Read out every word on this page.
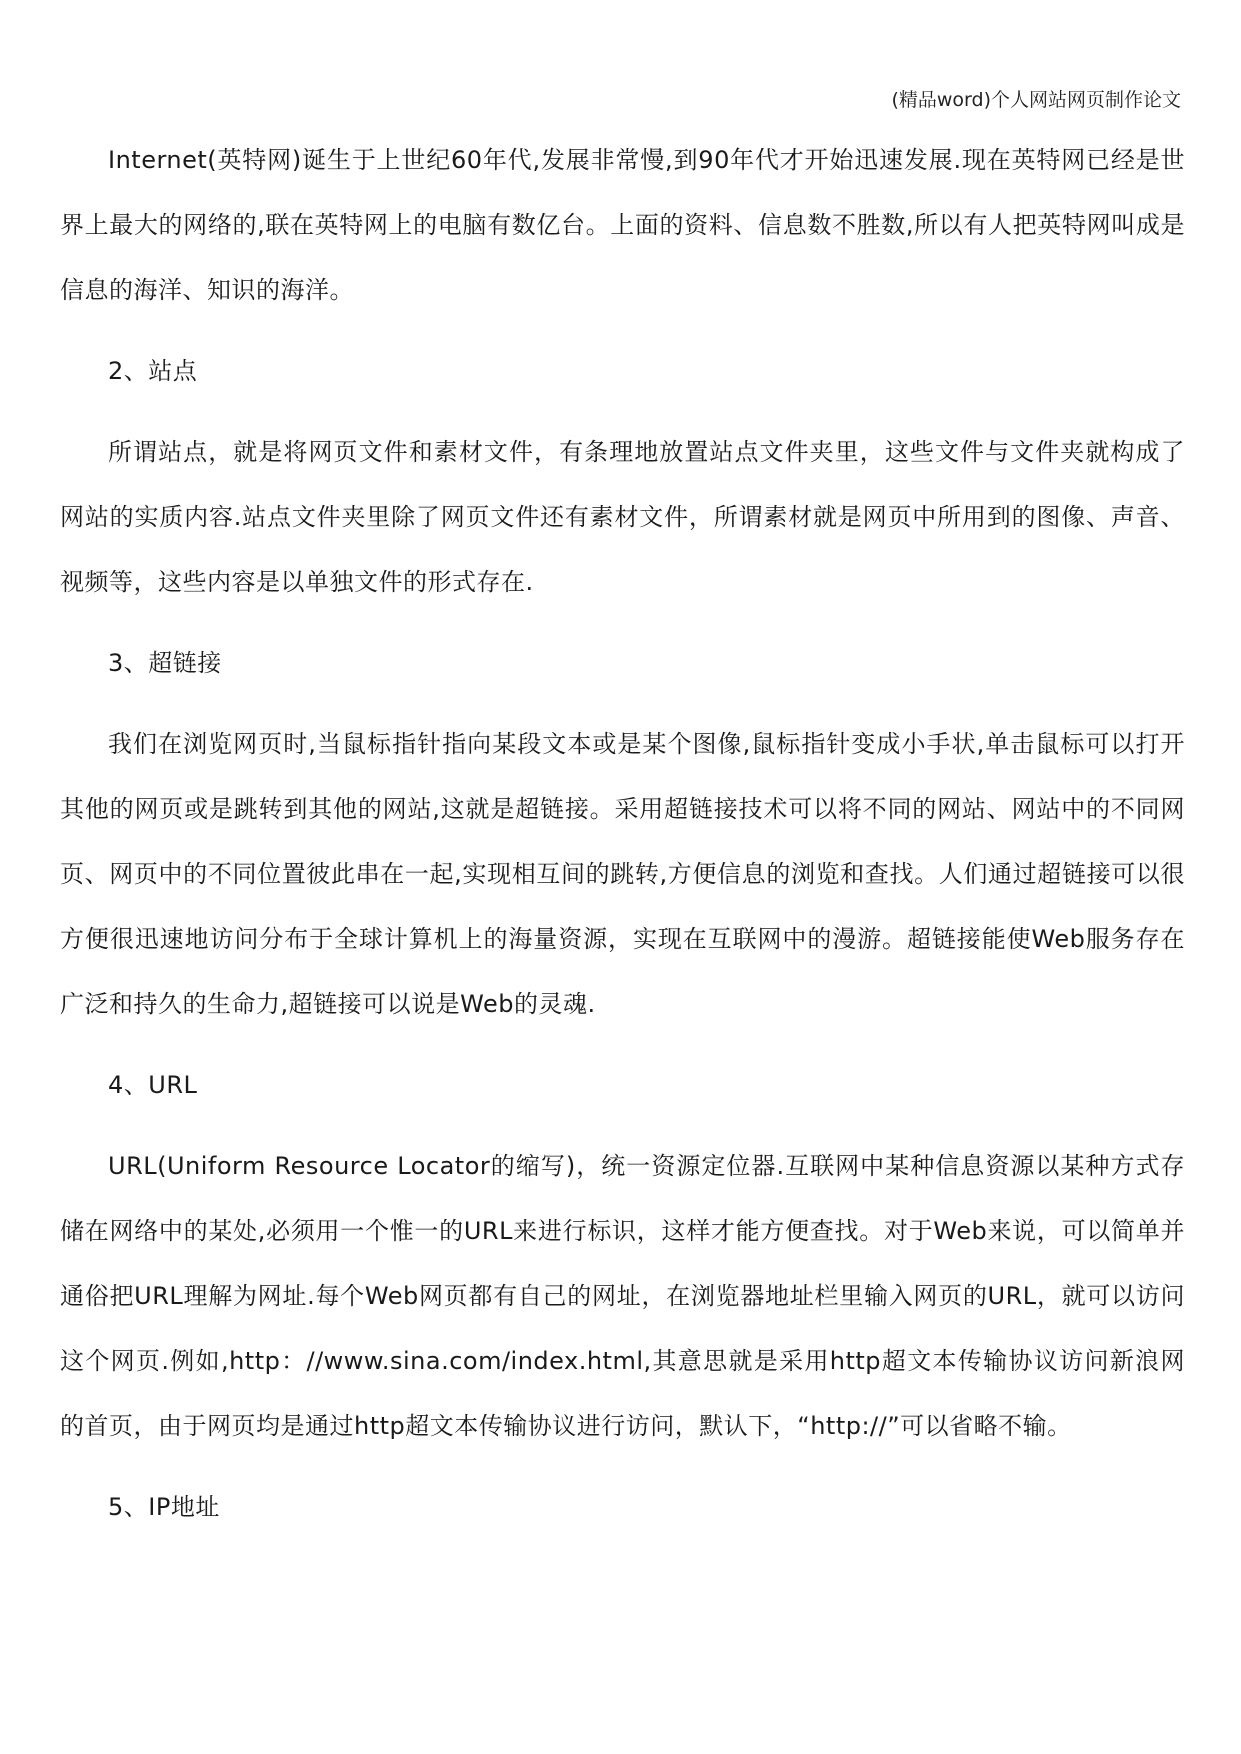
(精品word)个人网站网页制作论文

Internet(英特网)诞生于上世纪60年代,发展非常慢,到90年代才开始迅速发展.现在英特网已经是世界上最大的网络的,联在英特网上的电脑有数亿台。上面的资料、信息数不胜数,所以有人把英特网叫成是信息的海洋、知识的海洋。

2、站点

所谓站点，就是将网页文件和素材文件，有条理地放置站点文件夹里，这些文件与文件夹就构成了网站的实质内容.站点文件夹里除了网页文件还有素材文件，所谓素材就是网页中所用到的图像、声音、视频等，这些内容是以单独文件的形式存在.

3、超链接

我们在浏览网页时,当鼠标指针指向某段文本或是某个图像,鼠标指针变成小手状,单击鼠标可以打开其他的网页或是跳转到其他的网站,这就是超链接。采用超链接技术可以将不同的网站、网站中的不同网页、网页中的不同位置彼此串在一起,实现相互间的跳转,方便信息的浏览和查找。人们通过超链接可以很方便很迅速地访问分布于全球计算机上的海量资源，实现在互联网中的漫游。超链接能使Web服务存在广泛和持久的生命力,超链接可以说是Web的灵魂.

4、URL

URL(Uniform Resource Locator的缩写)，统一资源定位器.互联网中某种信息资源以某种方式存储在网络中的某处,必须用一个惟一的URL来进行标识，这样才能方便查找。对于Web来说，可以简单并通俗把URL理解为网址.每个Web网页都有自己的网址，在浏览器地址栏里输入网页的URL，就可以访问这个网页.例如,http：//www.sina.com/index.html,其意思就是采用http超文本传输协议访问新浪网的首页，由于网页均是通过http超文本传输协议进行访问，默认下，“http://”可以省略不输。

5、IP地址
